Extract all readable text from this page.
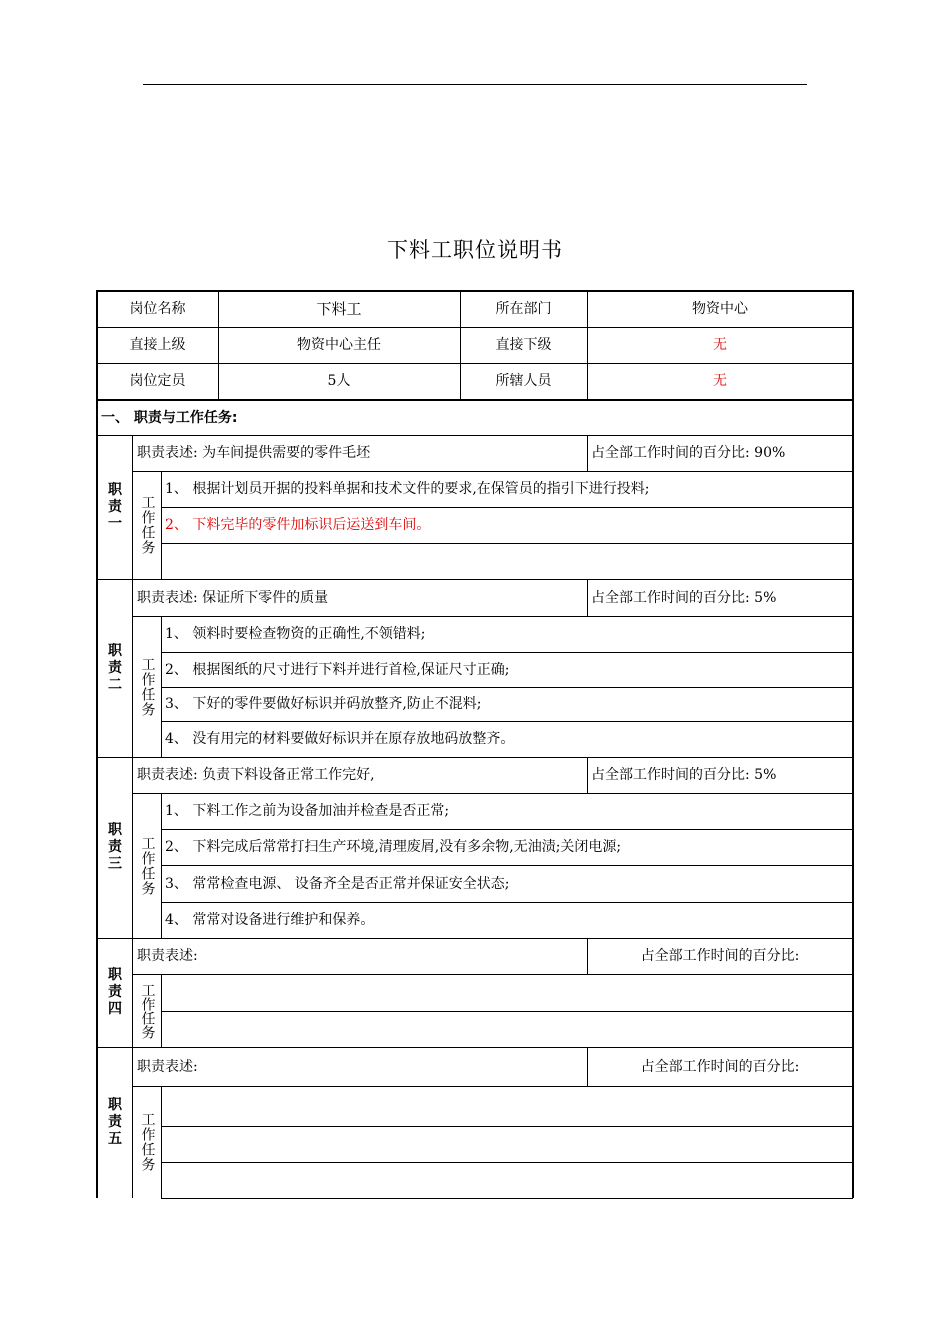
下料工职位说明书
岗位名称	下料工	所在部门	物资中心
直接上级	物资中心主任	直接下级	无
岗位定员	5人	所辖人员	无
一、 职责与工作任务:
职
责
一
职责表述: 为车间提供需要的零件毛坯	占全部工作时间的百分比: 90%
工作任务
1、 根据计划员开据的投料单据和技术文件的要求,在保管员的指引下进行投料;
2、 下料完毕的零件加标识后运送到车间。
职
责
二
职责表述: 保证所下零件的质量	占全部工作时间的百分比: 5%
工作任务
1、 领料时要检查物资的正确性,不领错料;
2、 根据图纸的尺寸进行下料并进行首检,保证尺寸正确;
3、 下好的零件要做好标识并码放整齐,防止不混料;
4、 没有用完的材料要做好标识并在原存放地码放整齐。
职
责
三
职责表述: 负责下料设备正常工作完好,	占全部工作时间的百分比: 5%
工作任务
1、 下料工作之前为设备加油并检查是否正常;
2、 下料完成后常常打扫生产环境,清理废屑,没有多余物,无油渍;关闭电源;
3、 常常检查电源、 设备齐全是否正常并保证安全状态;
4、 常常对设备进行维护和保养。
职
责
四
职责表述:	占全部工作时间的百分比:
工作任务
职
责
五
职责表述:	占全部工作时间的百分比:
工作任务
